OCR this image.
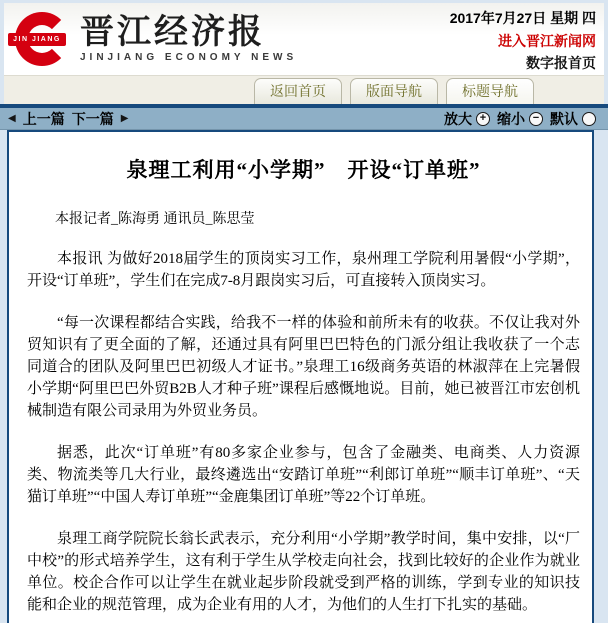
JIN JIANG 晋江经济报
JINJIANG ECONOMY NEWS
2017年7月27日 星期 四
进入晋江新闻网
数字报首页
返回首页	版面导航	标题导航
◀ 上一篇 下一篇 ▶	放大 + 缩小 − 默认
泉理工利用“小学期”　开设“订单班”
本报记者_陈海勇 通讯员_陈思莹

本报讯 为做好2018届学生的顶岗实习工作，泉州理工学院利用暑假“小学期”，开设“订单班”，学生们在完成7-8月跟岗实习后，可直接转入顶岗实习。

“每一次课程都结合实践，给我不一样的体验和前所未有的收获。不仅让我对外贸知识有了更全面的了解，还通过具有阿里巴巴特色的门派分组让我收获了一个志同道合的团队及阿里巴巴初级人才证书。”泉理工16级商务英语的林淑萍在上完暑假小学期“阿里巴巴外贸B2B人才种子班”课程后感慨地说。目前，她已被晋江市宏创机械制造有限公司录用为外贸业务员。

据悉，此次“订单班”有80多家企业参与，包含了金融类、电商类、人力资源类、物流类等几大行业，最终遴选出“安踏订单班”“利郎订单班”“顺丰订单班”、“天猫订单班”“中国人寿订单班”“金鹿集团订单班”等22个订单班。

泉理工商学院院长翁长武表示，充分利用“小学期”教学时间，集中安排，以“厂中校”的形式培养学生，这有利于学生从学校走向社会，找到比较好的企业作为就业单位。校企合作可以让学生在就业起步阶段就受到严格的训练，学到专业的知识技能和企业的规范管理，成为企业有用的人才，为他们的人生打下扎实的基础。
